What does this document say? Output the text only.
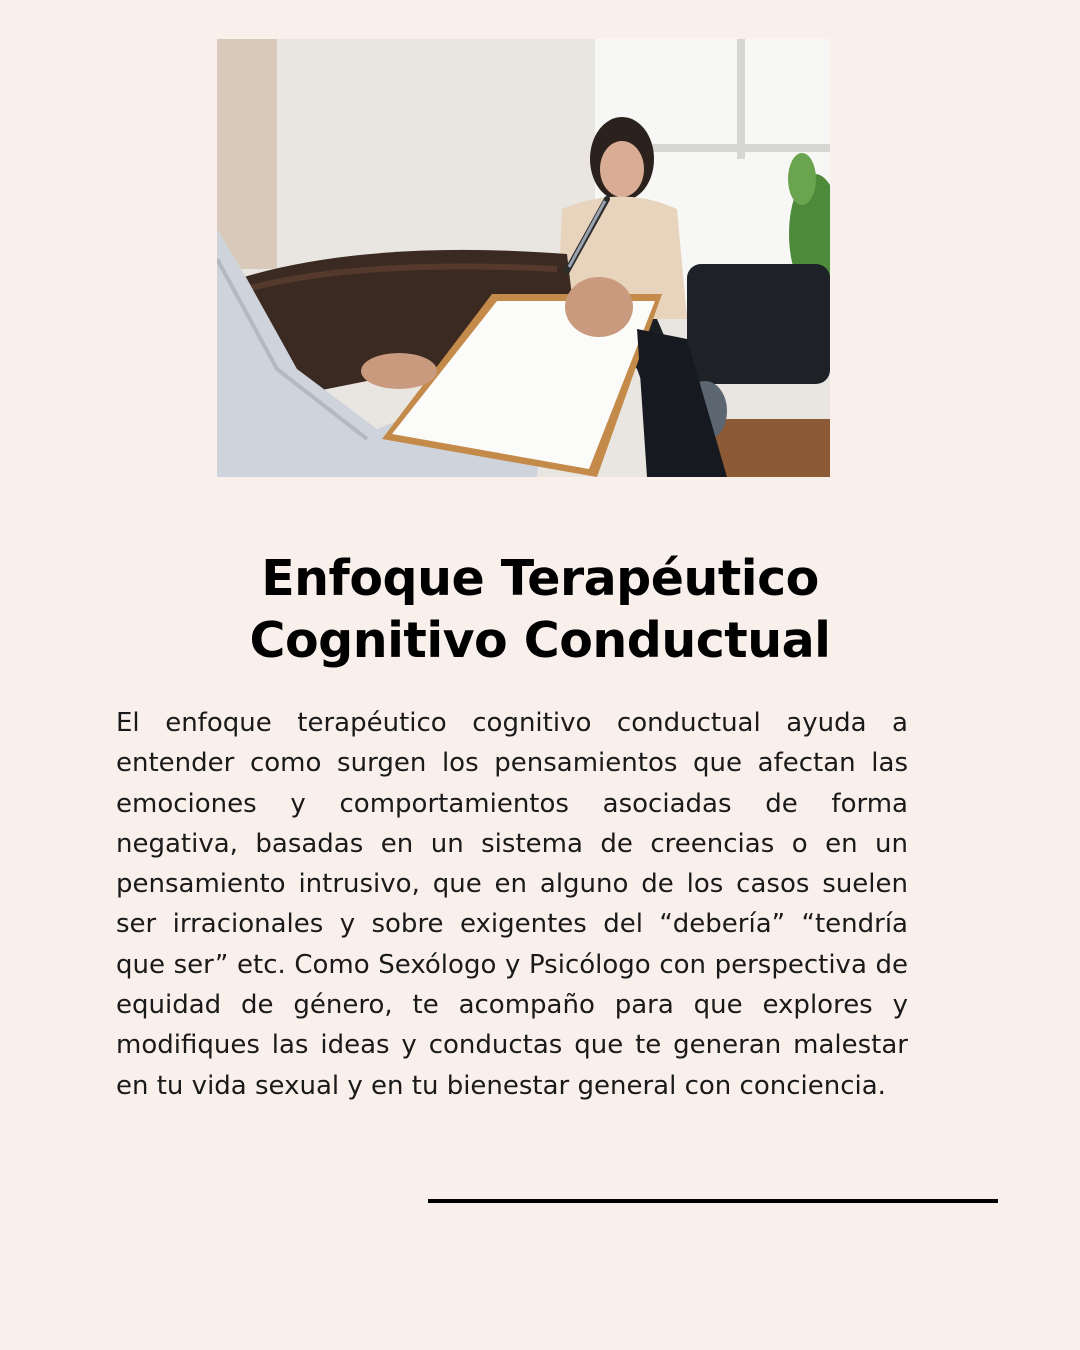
Enfoque Terapéutico
Cognitivo Conductual

El enfoque terapéutico cognitivo conductual ayuda a entender como surgen los pensamientos que afectan las emociones y comportamientos asociadas de forma negativa, basadas en un sistema de creencias o en un pensamiento intrusivo, que en alguno de los casos suelen ser irracionales y sobre exigentes del “debería” “tendría que ser” etc. Como Sexólogo y Psicólogo con perspectiva de equidad de género, te acompaño para que explores y modifiques las ideas y conductas que te generan malestar en tu vida sexual y en tu bienestar general con conciencia.
